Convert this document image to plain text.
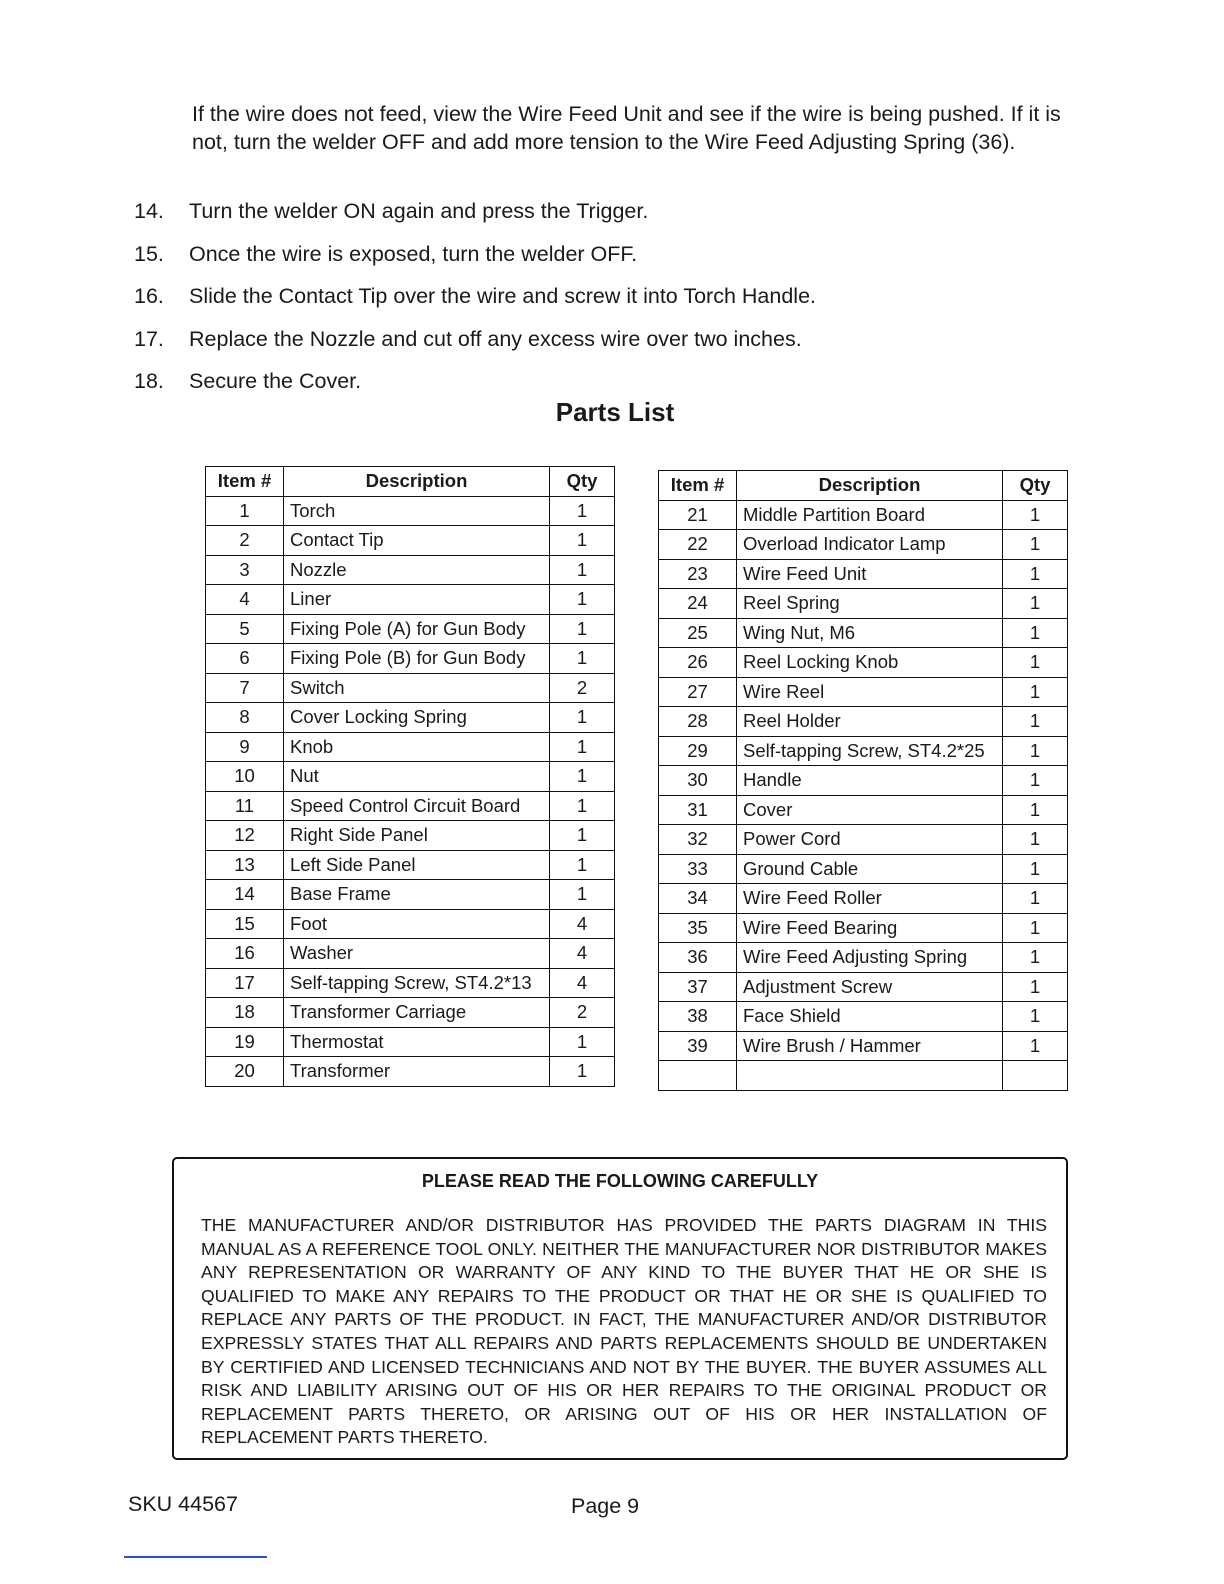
If the wire does not feed, view the Wire Feed Unit and see if the wire is being pushed. If it is not, turn the welder OFF and add more tension to the Wire Feed Adjusting Spring (36).

14. Turn the welder ON again and press the Trigger.
15. Once the wire is exposed, turn the welder OFF.
16. Slide the Contact Tip over the wire and screw it into Torch Handle.
17. Replace the Nozzle and cut off any excess wire over two inches.
18. Secure the Cover.
Parts List
Item #	Description	Qty
1	Torch	1
2	Contact Tip	1
3	Nozzle	1
4	Liner	1
5	Fixing Pole (A) for Gun Body	1
6	Fixing Pole (B) for Gun Body	1
7	Switch	2
8	Cover Locking Spring	1
9	Knob	1
10	Nut	1
11	Speed Control Circuit Board	1
12	Right Side Panel	1
13	Left Side Panel	1
14	Base Frame	1
15	Foot	4
16	Washer	4
17	Self-tapping Screw, ST4.2*13	4
18	Transformer Carriage	2
19	Thermostat	1
20	Transformer	1
Item #	Description	Qty
21	Middle Partition Board	1
22	Overload Indicator Lamp	1
23	Wire Feed Unit	1
24	Reel Spring	1
25	Wing Nut, M6	1
26	Reel Locking Knob	1
27	Wire Reel	1
28	Reel Holder	1
29	Self-tapping Screw, ST4.2*25	1
30	Handle	1
31	Cover	1
32	Power Cord	1
33	Ground Cable	1
34	Wire Feed Roller	1
35	Wire Feed Bearing	1
36	Wire Feed Adjusting Spring	1
37	Adjustment Screw	1
38	Face Shield	1
39	Wire Brush / Hammer	1

PLEASE READ THE FOLLOWING CAREFULLY

THE MANUFACTURER AND/OR DISTRIBUTOR HAS PROVIDED THE PARTS DIAGRAM IN THIS MANUAL AS A REFERENCE TOOL ONLY. NEITHER THE MANUFACTURER NOR DISTRIBUTOR MAKES ANY REPRESENTATION OR WARRANTY OF ANY KIND TO THE BUYER THAT HE OR SHE IS QUALIFIED TO MAKE ANY REPAIRS TO THE PRODUCT OR THAT HE OR SHE IS QUALIFIED TO REPLACE ANY PARTS OF THE PRODUCT. IN FACT, THE MANUFACTURER AND/OR DISTRIBUTOR EXPRESSLY STATES THAT ALL REPAIRS AND PARTS REPLACEMENTS SHOULD BE UNDERTAKEN BY CERTIFIED AND LICENSED TECHNICIANS AND NOT BY THE BUYER. THE BUYER ASSUMES ALL RISK AND LIABILITY ARISING OUT OF HIS OR HER REPAIRS TO THE ORIGINAL PRODUCT OR REPLACEMENT PARTS THERETO, OR ARISING OUT OF HIS OR HER INSTALLATION OF REPLACEMENT PARTS THERETO.

SKU 44567	Page 9
